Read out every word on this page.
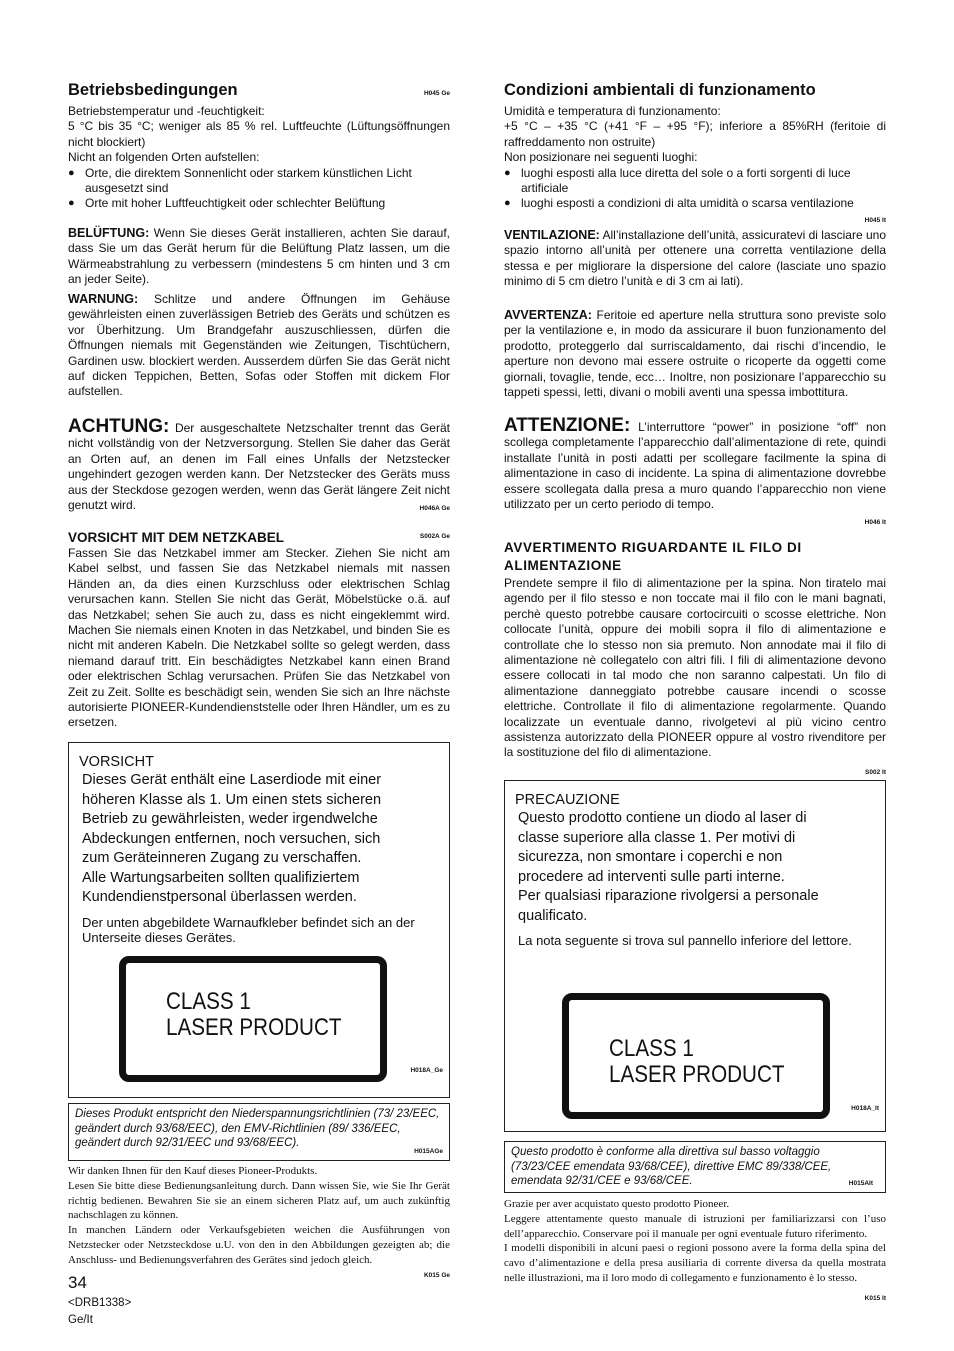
Betriebsbedingungen	H045 Ge

Betriebstemperatur und -feuchtigkeit:

5 °C bis 35 °C; weniger als 85 % rel. Luftfeuchte (Lüftungsöffnungen nicht blockiert)

Nicht an folgenden Orten aufstellen:

● Orte, die direktem Sonnenlicht oder starkem künstlichen Licht ausgesetzt sind
● Orte mit hoher Luftfeuchtigkeit oder schlechter Belüftung

BELÜFTUNG: Wenn Sie dieses Gerät installieren, achten Sie darauf, dass Sie um das Gerät herum für die Belüftung Platz lassen, um die Wärmeabstrahlung zu verbessern (mindestens 5 cm hinten und 3 cm an jeder Seite).

WARNUNG: Schlitze und andere Öffnungen im Gehäuse gewährleisten einen zuverlässigen Betrieb des Geräts und schützen es vor Überhitzung. Um Brandgefahr auszuschliessen, dürfen die Öffnungen niemals mit Gegenständen wie Zeitungen, Tischtüchern, Gardinen usw. blockiert werden. Ausserdem dürfen Sie das Gerät nicht auf dicken Teppichen, Betten, Sofas oder Stoffen mit dickem Flor aufstellen.

ACHTUNG: Der ausgeschaltete Netzschalter trennt das Gerät nicht vollständig von der Netzversorgung. Stellen Sie daher das Gerät an Orten auf, an denen im Fall eines Unfalls der Netzstecker ungehindert gezogen werden kann. Der Netzstecker des Geräts muss aus der Steckdose gezogen werden, wenn das Gerät längere Zeit nicht genutzt wird.	H046A Ge
VORSICHT MIT DEM NETZKABEL	S002A Ge

Fassen Sie das Netzkabel immer am Stecker. Ziehen Sie nicht am Kabel selbst, und fassen Sie das Netzkabel niemals mit nassen Händen an, da dies einen Kurzschluss oder elektrischen Schlag verursachen kann. Stellen Sie nicht das Gerät, Möbelstücke o.ä. auf das Netzkabel; sehen Sie auch zu, dass es nicht eingeklemmt wird. Machen Sie niemals einen Knoten in das Netzkabel, und binden Sie es nicht mit anderen Kabeln. Die Netzkabel sollte so gelegt werden, dass niemand darauf tritt. Ein beschädigtes Netzkabel kann einen Brand oder elektrischen Schlag verursachen. Prüfen Sie das Netzkabel von Zeit zu Zeit. Sollte es beschädigt sein, wenden Sie sich an Ihre nächste autorisierte PIONEER-Kundendienststelle oder Ihren Händler, um es zu ersetzen.

VORSICHT
Dieses Gerät enthält eine Laserdiode mit einer
höheren Klasse als 1. Um einen stets sicheren
Betrieb zu gewährleisten, weder irgendwelche
Abdeckungen entfernen, noch versuchen, sich
zum Geräteinneren Zugang zu verschaffen.
Alle Wartungsarbeiten sollten qualifiziertem
Kundendienstpersonal überlassen werden.
Der unten abgebildete Warnaufkleber befindet sich an der Unterseite dieses Gerätes.
CLASS 1
LASER PRODUCT
H018A_Ge

Dieses Produkt entspricht den Niederspannungsrichtlinien (73/ 23/EEC, geändert durch 93/68/EEC), den EMV-Richtlinien (89/ 336/EEC, geändert durch 92/31/EEC und 93/68/EEC).

H015AGe

Wir danken Ihnen für den Kauf dieses Pioneer-Produkts.

Lesen Sie bitte diese Bedienungsanleitung durch. Dann wissen Sie, wie Sie Ihr Gerät richtig bedienen. Bewahren Sie sie an einem sicheren Platz auf, um auch zukünftig nachschlagen zu können.

In manchen Ländern oder Verkaufsgebieten weichen die Ausführungen von Netzstecker oder Netzsteckdose u.U. von den in den Abbildungen gezeigten ab; die Anschluss- und Bedienungsverfahren des Gerätes sind jedoch gleich.

K015 Ge
34
<DRB1338>
Ge/It
Condizioni ambientali di funzionamento

Umidità e temperatura di funzionamento:

+5 °C – +35 °C (+41 °F – +95 °F); inferiore a 85%RH (feritoie di raffreddamento non ostruite)

Non posizionare nei seguenti luoghi:

● luoghi esposti alla luce diretta del sole o a forti sorgenti di luce artificiale
● luoghi esposti a condizioni di alta umidità o scarsa ventilazione
H045 It

VENTILAZIONE: All’installazione dell’unità, assicuratevi di lasciare uno spazio intorno all’unità per ottenere una corretta ventilazione della stessa e per migliorare la dispersione del calore (lasciate uno spazio minimo di 5 cm dietro l’unità e di 3 cm ai lati).

AVVERTENZA: Feritoie ed aperture nella struttura sono previste solo per la ventilazione e, in modo da assicurare il buon funzionamento del prodotto, proteggerlo dal surriscaldamento, dai rischi d’incendio, le aperture non devono mai essere ostruite o ricoperte da oggetti come giornali, tovaglie, tende, ecc… Inoltre, non posizionare l’apparecchio su tappeti spessi, letti, divani o mobili aventi una spessa imbottitura.

ATTENZIONE: L’interruttore “power” in posizione “off” non scollega completamente l’apparecchio dall’alimentazione di rete, quindi installate l’unità in posti adatti per scollegare facilmente la spina di alimentazione in caso di incidente. La spina di alimentazione dovrebbe essere scollegata dalla presa a muro quando l’apparecchio non viene utilizzato per un certo periodo di tempo.

H046 It
AVVERTIMENTO RIGUARDANTE IL FILO DI ALIMENTAZIONE

Prendete sempre il filo di alimentazione per la spina. Non tiratelo mai agendo per il filo stesso e non toccate mai il filo con le mani bagnati, perchè questo potrebbe causare cortocircuiti o scosse elettriche. Non collocate l’unità, oppure dei mobili sopra il filo di alimentazione e controllate che lo stesso non sia premuto. Non annodate mai il filo di alimentazione nè collegatelo con altri fili. I fili di alimentazione devono essere collocati in tal modo che non saranno calpestati. Un filo di alimentazione danneggiato potrebbe causare incendi o scosse elettriche. Controllate il filo di alimentazione regolarmente. Quando localizzate un eventuale danno, rivolgetevi al più vicino centro assistenza autorizzato della PIONEER oppure al vostro rivenditore per la sostituzione del filo di alimentazione.

S002 It
PRECAUZIONE
Questo prodotto contiene un diodo al laser di
classe superiore alla classe 1. Per motivi di
sicurezza, non smontare i coperchi e non
procedere ad interventi sulle parti interne.
Per qualsiasi riparazione rivolgersi a personale
qualificato.
La nota seguente si trova sul pannello inferiore del lettore.
CLASS 1
LASER PRODUCT
H018A_It

Questo prodotto è conforme alla direttiva sul basso voltaggio (73/23/CEE emendata 93/68/CEE), direttive EMC 89/338/CEE, emendata 92/31/CEE e 93/68/CEE.	H015AIt

Grazie per aver acquistato questo prodotto Pioneer.

Leggere attentamente questo manuale di istruzioni per familiarizzarsi con l’uso dell’apparecchio. Conservare poi il manuale per ogni eventuale futuro riferimento.

I modelli disponibili in alcuni paesi o regioni possono avere la forma della spina del cavo d’alimentazione e della presa ausiliaria di corrente diversa da quella mostrata nelle illustrazioni, ma il loro modo di collegamento e funzionamento è lo stesso.

K015 It
